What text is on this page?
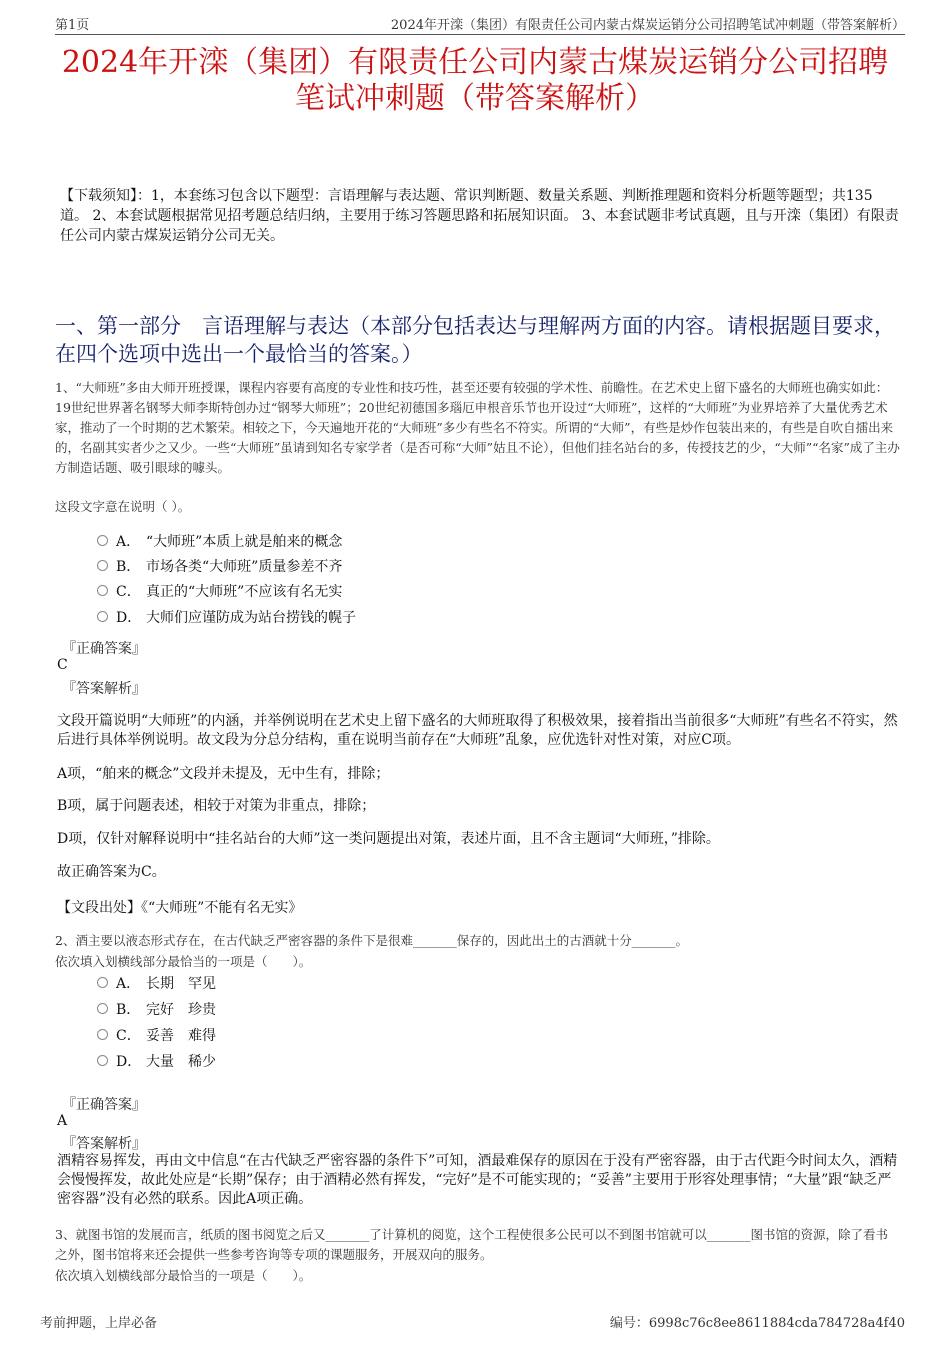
第1页	2024年开滦（集团）有限责任公司内蒙古煤炭运销分公司招聘笔试冲刺题（带答案解析）
2024年开滦（集团）有限责任公司内蒙古煤炭运销分公司招聘
笔试冲刺题（带答案解析）
【下载须知】：1，本套练习包含以下题型：言语理解与表达题、常识判断题、数量关系题、判断推理题和资料分析题等题型；共135道。 2、本套试题根据常见招考题总结归纳，主要用于练习答题思路和拓展知识面。 3、本套试题非考试真题，且与开滦（集团）有限责任公司内蒙古煤炭运销分公司无关。
一、第一部分　言语理解与表达（本部分包括表达与理解两方面的内容。请根据题目要求，在四个选项中选出一个最恰当的答案。）
1、“大师班”多由大师开班授课，课程内容要有高度的专业性和技巧性，甚至还要有较强的学术性、前瞻性。在艺术史上留下盛名的大师班也确实如此：19世纪世界著名钢琴大师李斯特创办过“钢琴大师班”；20世纪初德国多瑙厄申根音乐节也开设过“大师班”，这样的“大师班”为业界培养了大量优秀艺术家，推动了一个时期的艺术繁荣。相较之下，今天遍地开花的“大师班”多少有些名不符实。所谓的“大师”，有些是炒作包装出来的，有些是自吹自擂出来的，名副其实者少之又少。一些“大师班”虽请到知名专家学者（是否可称“大师”姑且不论），但他们挂名站台的多，传授技艺的少，“大师”“名家”成了主办方制造话题、吸引眼球的噱头。
这段文字意在说明（ ）。
A． “大师班”本质上就是舶来的概念
B． 市场各类“大师班”质量参差不齐
C． 真正的“大师班”不应该有名无实
D． 大师们应谨防成为站台捞钱的幌子
『正确答案』
C
『答案解析』
文段开篇说明“大师班”的内涵，并举例说明在艺术史上留下盛名的大师班取得了积极效果，接着指出当前很多“大师班”有些名不符实，然后进行具体举例说明。故文段为分总分结构，重在说明当前存在“大师班”乱象，应优选针对性对策，对应C项。
A项，“舶来的概念”文段并未提及，无中生有，排除；
B项，属于问题表述，相较于对策为非重点，排除；
D项，仅针对解释说明中“挂名站台的大师”这一类问题提出对策，表述片面，且不含主题词“大师班，”排除。
故正确答案为C。
【文段出处】《“大师班”不能有名无实》
2、酒主要以液态形式存在，在古代缺乏严密容器的条件下是很难_______保存的，因此出土的古酒就十分_______。
依次填入划横线部分最恰当的一项是（　　）。
A． 长期　罕见
B． 完好　珍贵
C． 妥善　难得
D． 大量　稀少
『正确答案』
A
『答案解析』
酒精容易挥发，再由文中信息“在古代缺乏严密容器的条件下”可知，酒最难保存的原因在于没有严密容器，由于古代距今时间太久，酒精会慢慢挥发，故此处应是“长期”保存；由于酒精必然有挥发，“完好”是不可能实现的；“妥善”主要用于形容处理事情；“大量”跟“缺乏严密容器”没有必然的联系。因此A项正确。
3、就图书馆的发展而言，纸质的图书阅览之后又_______了计算机的阅览，这个工程使很多公民可以不到图书馆就可以_______图书馆的资源，除了看书之外，图书馆将来还会提供一些参考咨询等专项的课题服务，开展双向的服务。
依次填入划横线部分最恰当的一项是（　　）。
考前押题，上岸必备	编号：6998c76c8ee8611884cda784728a4f40
